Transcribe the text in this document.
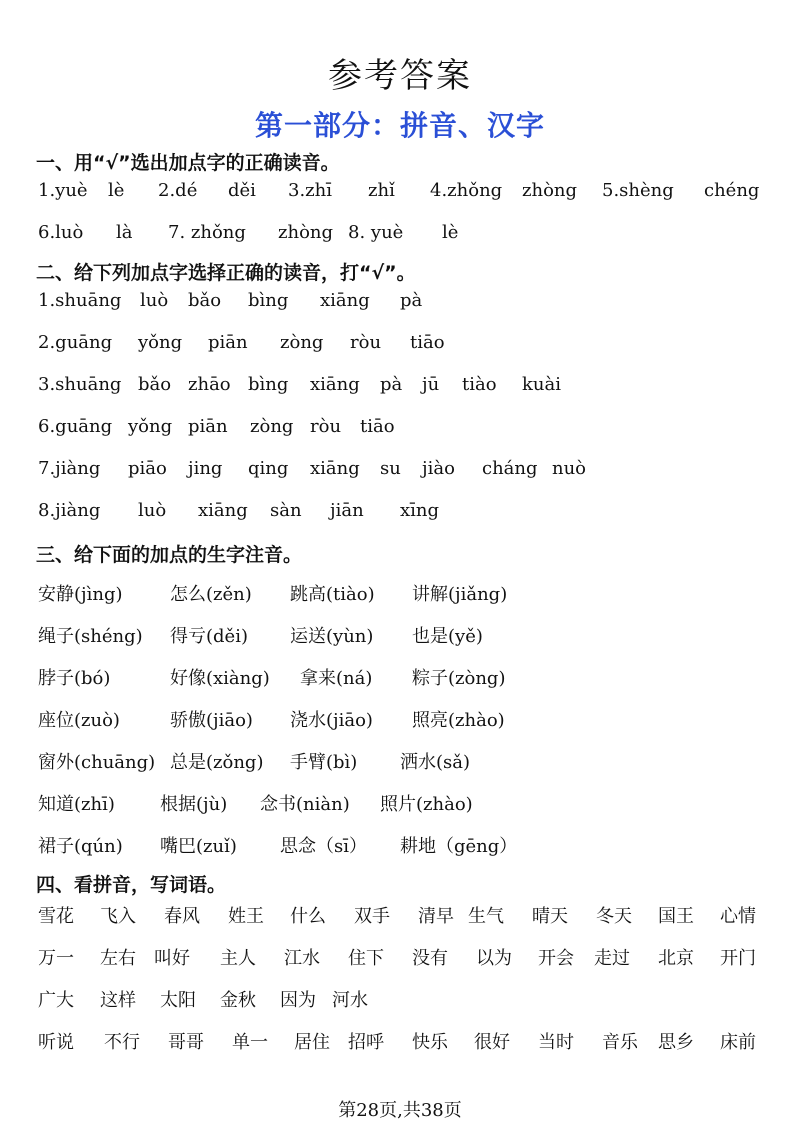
参考答案
第一部分：拼音、汉字
一、用“√”选出加点字的正确读音。
1.yuè lè 2.dé děi 3.zhī zhǐ 4.zhǒng zhòng 5.shèng chéng
6.luò là 7. zhǒng zhòng 8. yuè lè
二、给下列加点字选择正确的读音，打“√”。
1.shuāng luò bǎo bìng xiāng pà
2.guāng yǒng piān zòng ròu tiāo
3.shuāng bǎo zhāo bìng xiāng pà jū tiào kuài
6.guāng yǒng piān zòng ròu tiāo
7.jiàng piāo jing qing xiāng su jiào cháng nuò
8.jiàng luò xiāng sàn jiān xīng
三、给下面的加点的生字注音。
安静(jìng)	怎么(zěn) 跳高(tiào) 讲解(jiǎng)
绳子(shéng) 得亏(děi) 运送(yùn) 也是(yě)
脖子(bó)	好像(xiàng) 拿来(ná) 粽子(zòng)
座位(zuò)	骄傲(jiāo) 浇水(jiāo) 照亮(zhào)
窗外(chuāng) 总是(zǒng) 手臂(bì) 洒水(sǎ)
知道(zhī)	根据(jù) 念书(niàn) 照片(zhào)
裙子(qún) 嘴巴(zuǐ) 思念（sī） 耕地（gēng）
四、看拼音，写词语。
雪花 飞入 春风 姓王 什么 双手 清早 生气 晴天 冬天 国王 心情
万一 左右 叫好 主人 江水 住下 没有 以为 开会 走过 北京 开门
广大 这样 太阳 金秋 因为 河水
听说 不行 哥哥 单一 居住 招呼 快乐 很好 当时 音乐 思乡 床前
第28页,共38页
